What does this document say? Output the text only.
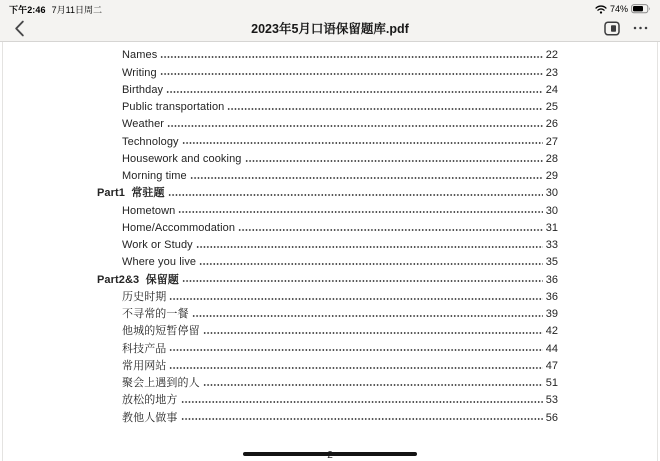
下午2:46 7月11日周二	74%
2023年5月口语保留题库.pdf
Names	22
Writing	23
Birthday	24
Public transportation	25
Weather	26
Technology	27
Housework and cooking	28
Morning time	29
Part1  常驻题	30
Hometown	30
Home/Accommodation	31
Work or Study	33
Where you live	35
Part2&3  保留题	36
历史时期	36
不寻常的一餐	39
他城的短暂停留	42
科技产品	44
常用网站	47
聚会上遇到的人	51
放松的地方	53
教他人做事	56
